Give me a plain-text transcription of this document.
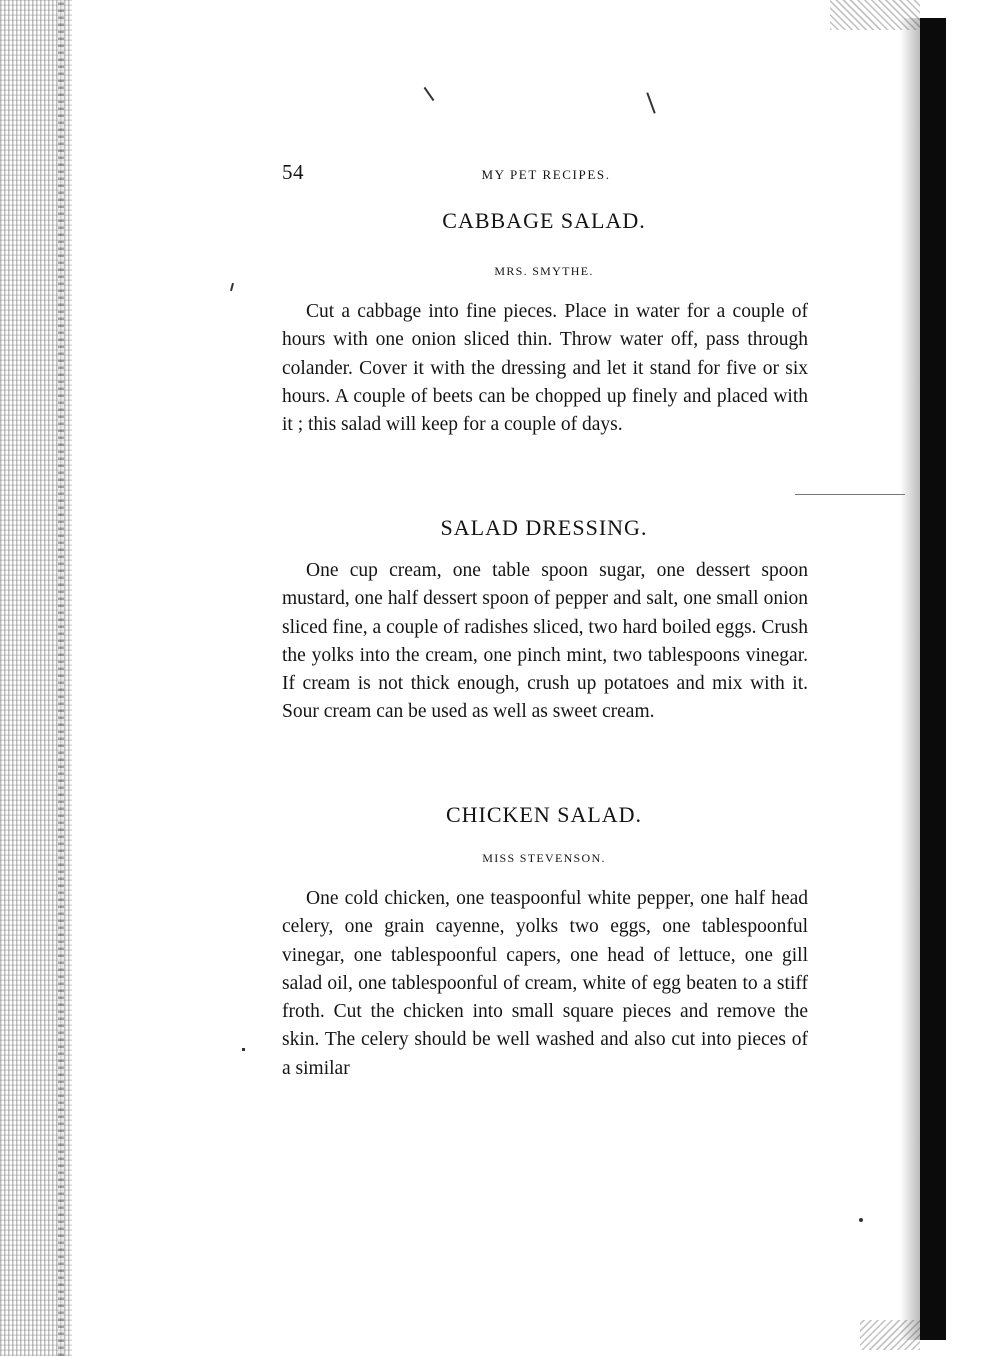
54	MY PET RECIPES.
CABBAGE SALAD.
MRS. SMYTHE.

Cut a cabbage into fine pieces. Place in water for a couple of hours with one onion sliced thin. Throw water off, pass through colander. Cover it with the dressing and let it stand for five or six hours. A couple of beets can be chopped up finely and placed with it ; this salad will keep for a couple of days.

SALAD DRESSING.

One cup cream, one table spoon sugar, one dessert spoon mustard, one half dessert spoon of pepper and salt, one small onion sliced fine, a couple of radishes sliced, two hard boiled eggs. Crush the yolks into the cream, one pinch mint, two tablespoons vinegar. If cream is not thick enough, crush up potatoes and mix with it. Sour cream can be used as well as sweet cream.

CHICKEN SALAD.
MISS STEVENSON.

One cold chicken, one teaspoonful white pepper, one half head celery, one grain cayenne, yolks two eggs, one tablespoonful vinegar, one tablespoonful capers, one head of lettuce, one gill salad oil, one tablespoonful of cream, white of egg beaten to a stiff froth. Cut the chicken into small square pieces and remove the skin. The celery should be well washed and also cut into pieces of a similar
